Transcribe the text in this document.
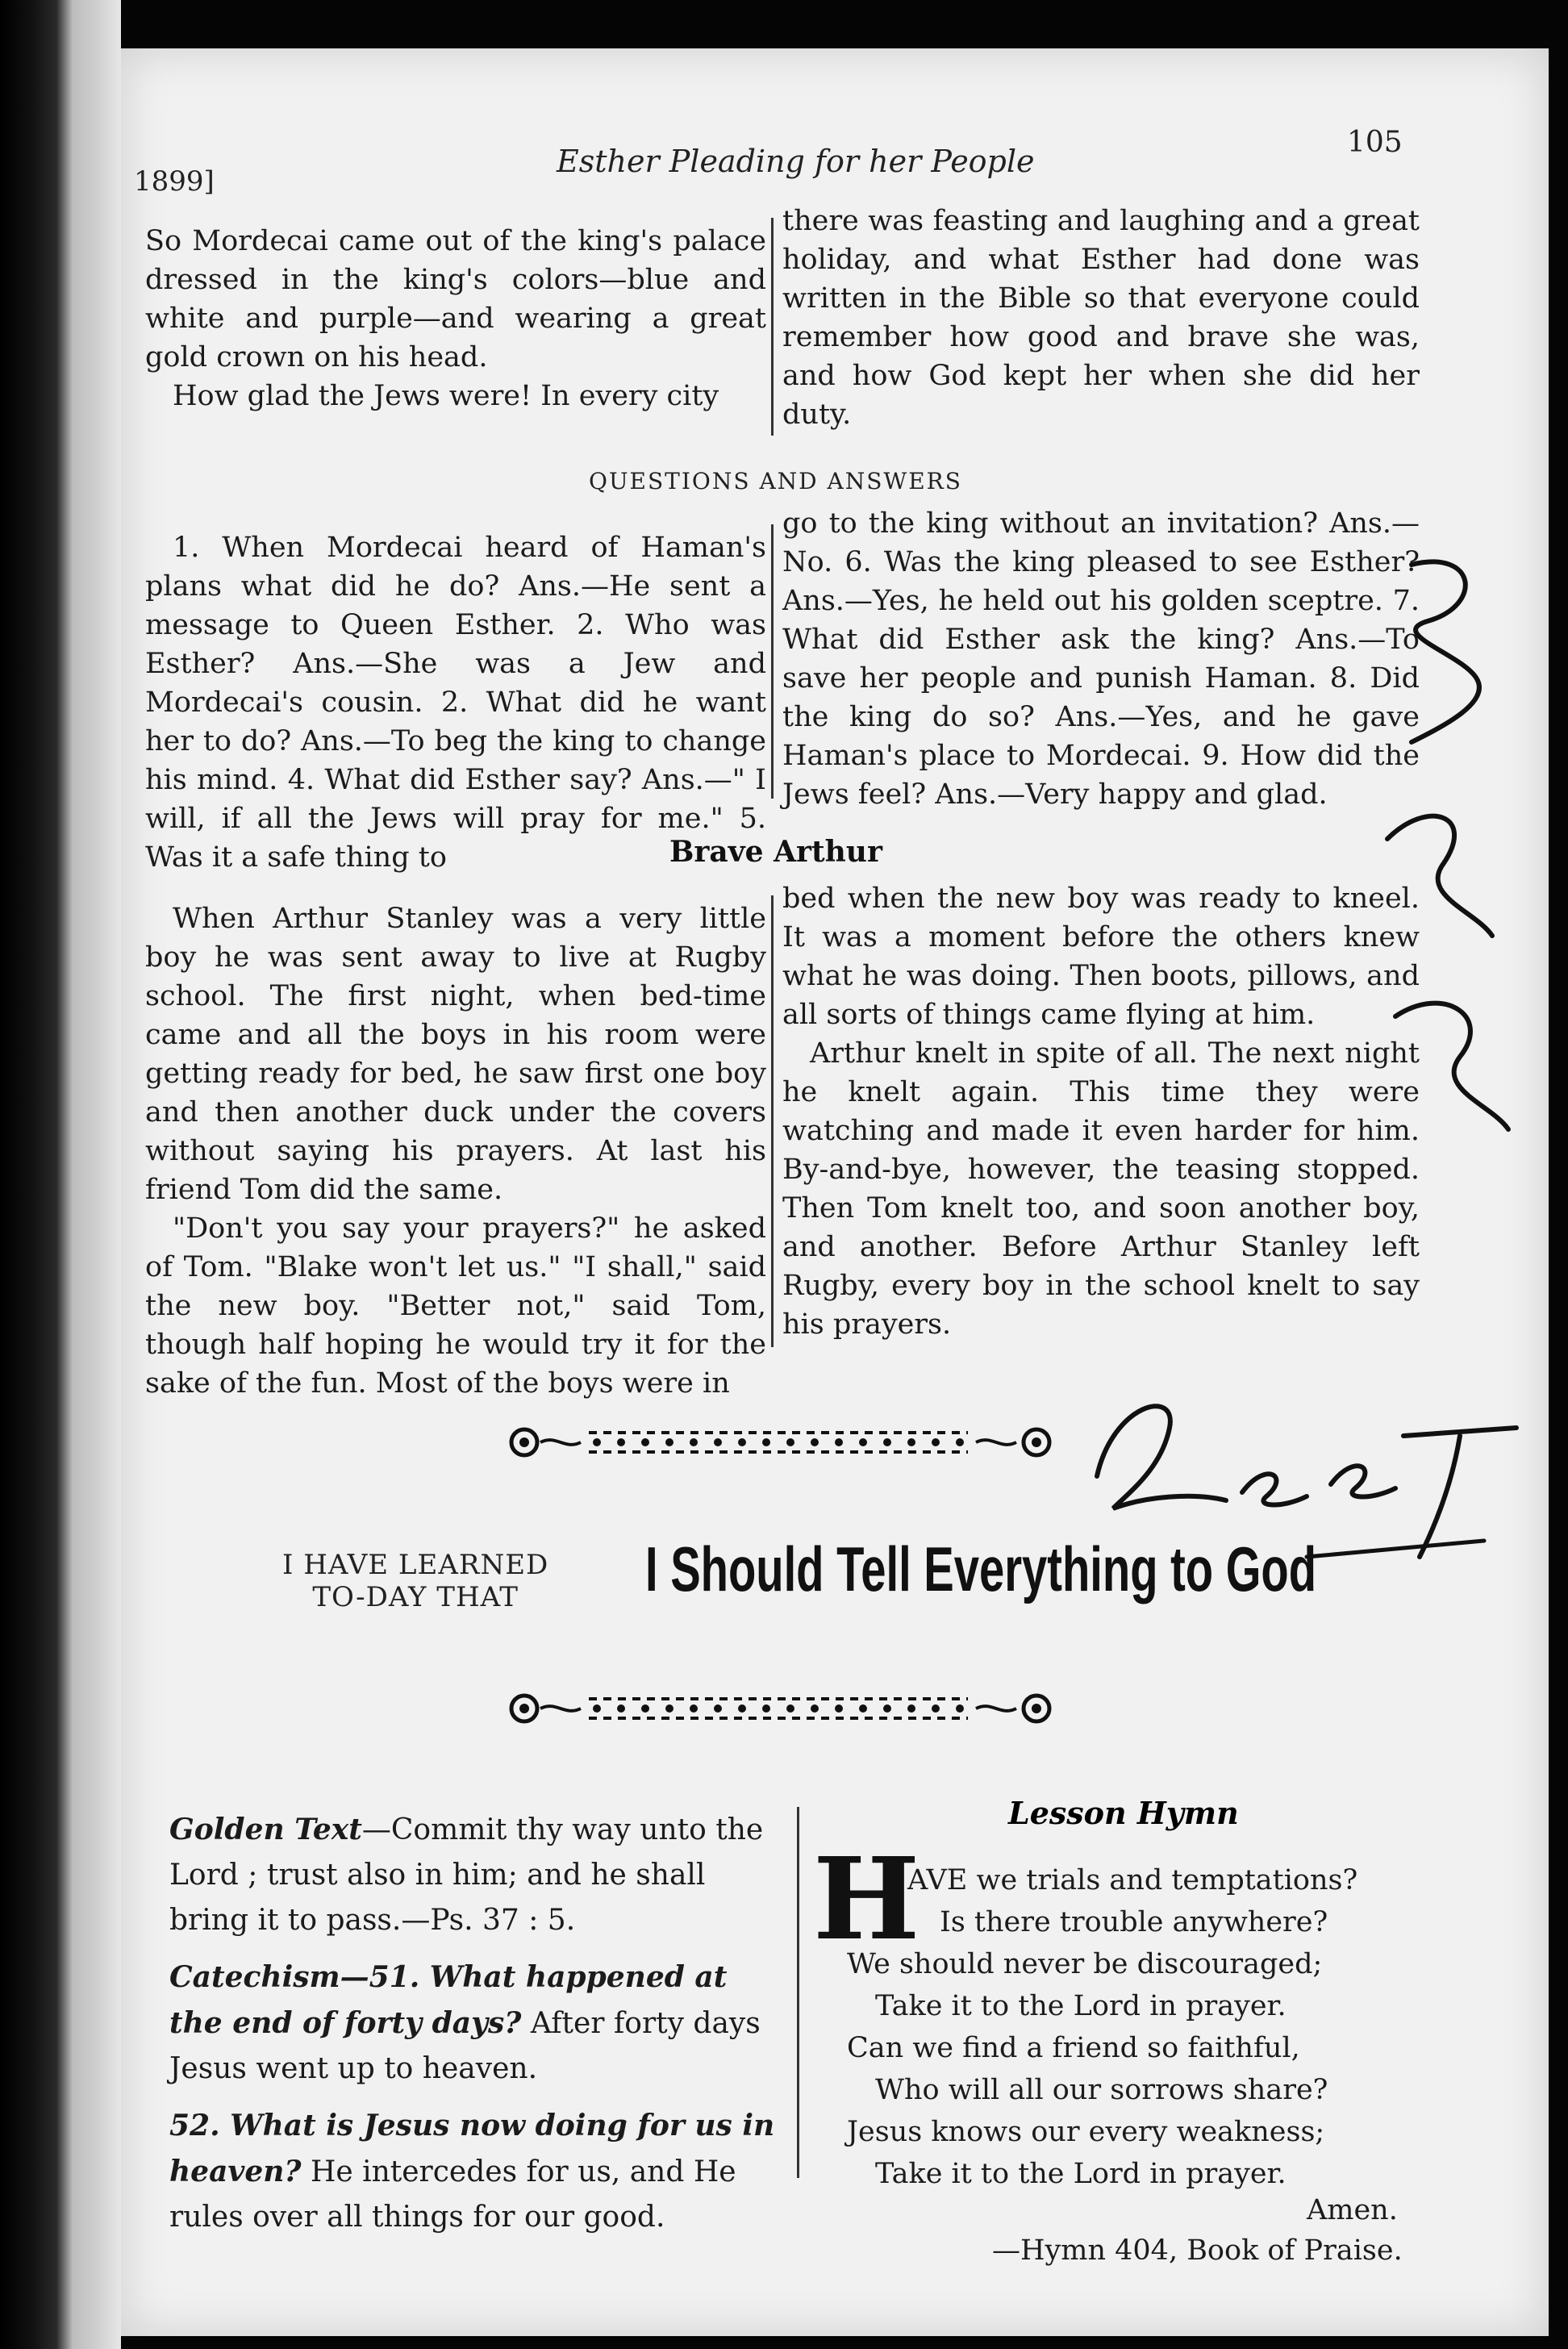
1899]
Esther Pleading for her People
105

So Mordecai came out of the king's palace dressed in the king's colors—blue and white and purple—and wearing a great gold crown on his head.

How glad the Jews were! In every city

there was feasting and laughing and a great holiday, and what Esther had done was written in the Bible so that everyone could remember how good and brave she was, and how God kept her when she did her duty.

QUESTIONS AND ANSWERS

1. When Mordecai heard of Haman's plans what did he do? Ans.—He sent a message to Queen Esther. 2. Who was Esther? Ans.—She was a Jew and Mordecai's cousin. 2. What did he want her to do? Ans.—To beg the king to change his mind. 4. What did Esther say? Ans.—" I will, if all the Jews will pray for me." 5. Was it a safe thing to

go to the king without an invitation? Ans.—No. 6. Was the king pleased to see Esther? Ans.—Yes, he held out his golden sceptre. 7. What did Esther ask the king? Ans.—To save her people and punish Haman. 8. Did the king do so? Ans.—Yes, and he gave Haman's place to Mordecai. 9. How did the Jews feel? Ans.—Very happy and glad.

Brave Arthur

When Arthur Stanley was a very little boy he was sent away to live at Rugby school. The first night, when bed-time came and all the boys in his room were getting ready for bed, he saw first one boy and then another duck under the covers without saying his prayers. At last his friend Tom did the same.

"Don't you say your prayers?" he asked of Tom. "Blake won't let us." "I shall," said the new boy. "Better not," said Tom, though half hoping he would try it for the sake of the fun. Most of the boys were in

bed when the new boy was ready to kneel. It was a moment before the others knew what he was doing. Then boots, pillows, and all sorts of things came flying at him.

Arthur knelt in spite of all. The next night he knelt again. This time they were watching and made it even harder for him. By-and-bye, however, the teasing stopped. Then Tom knelt too, and soon another boy, and another. Before Arthur Stanley left Rugby, every boy in the school knelt to say his prayers.

I HAVE LEARNED
TO-DAY THAT	I Should Tell Everything to God

Golden Text—Commit thy way unto the Lord ; trust also in him; and he shall bring it to pass.—Ps. 37 : 5.

Catechism—51. What happened at the end of forty days? After forty days Jesus went up to heaven.

52. What is Jesus now doing for us in heaven? He intercedes for us, and He rules over all things for our good.

Lesson Hymn
H
AVE we trials and temptations?
Is there trouble anywhere?
We should never be discouraged;
Take it to the Lord in prayer.
Can we find a friend so faithful,
Who will all our sorrows share?
Jesus knows our every weakness;
Take it to the Lord in prayer.
Amen.
—Hymn 404, Book of Praise.
